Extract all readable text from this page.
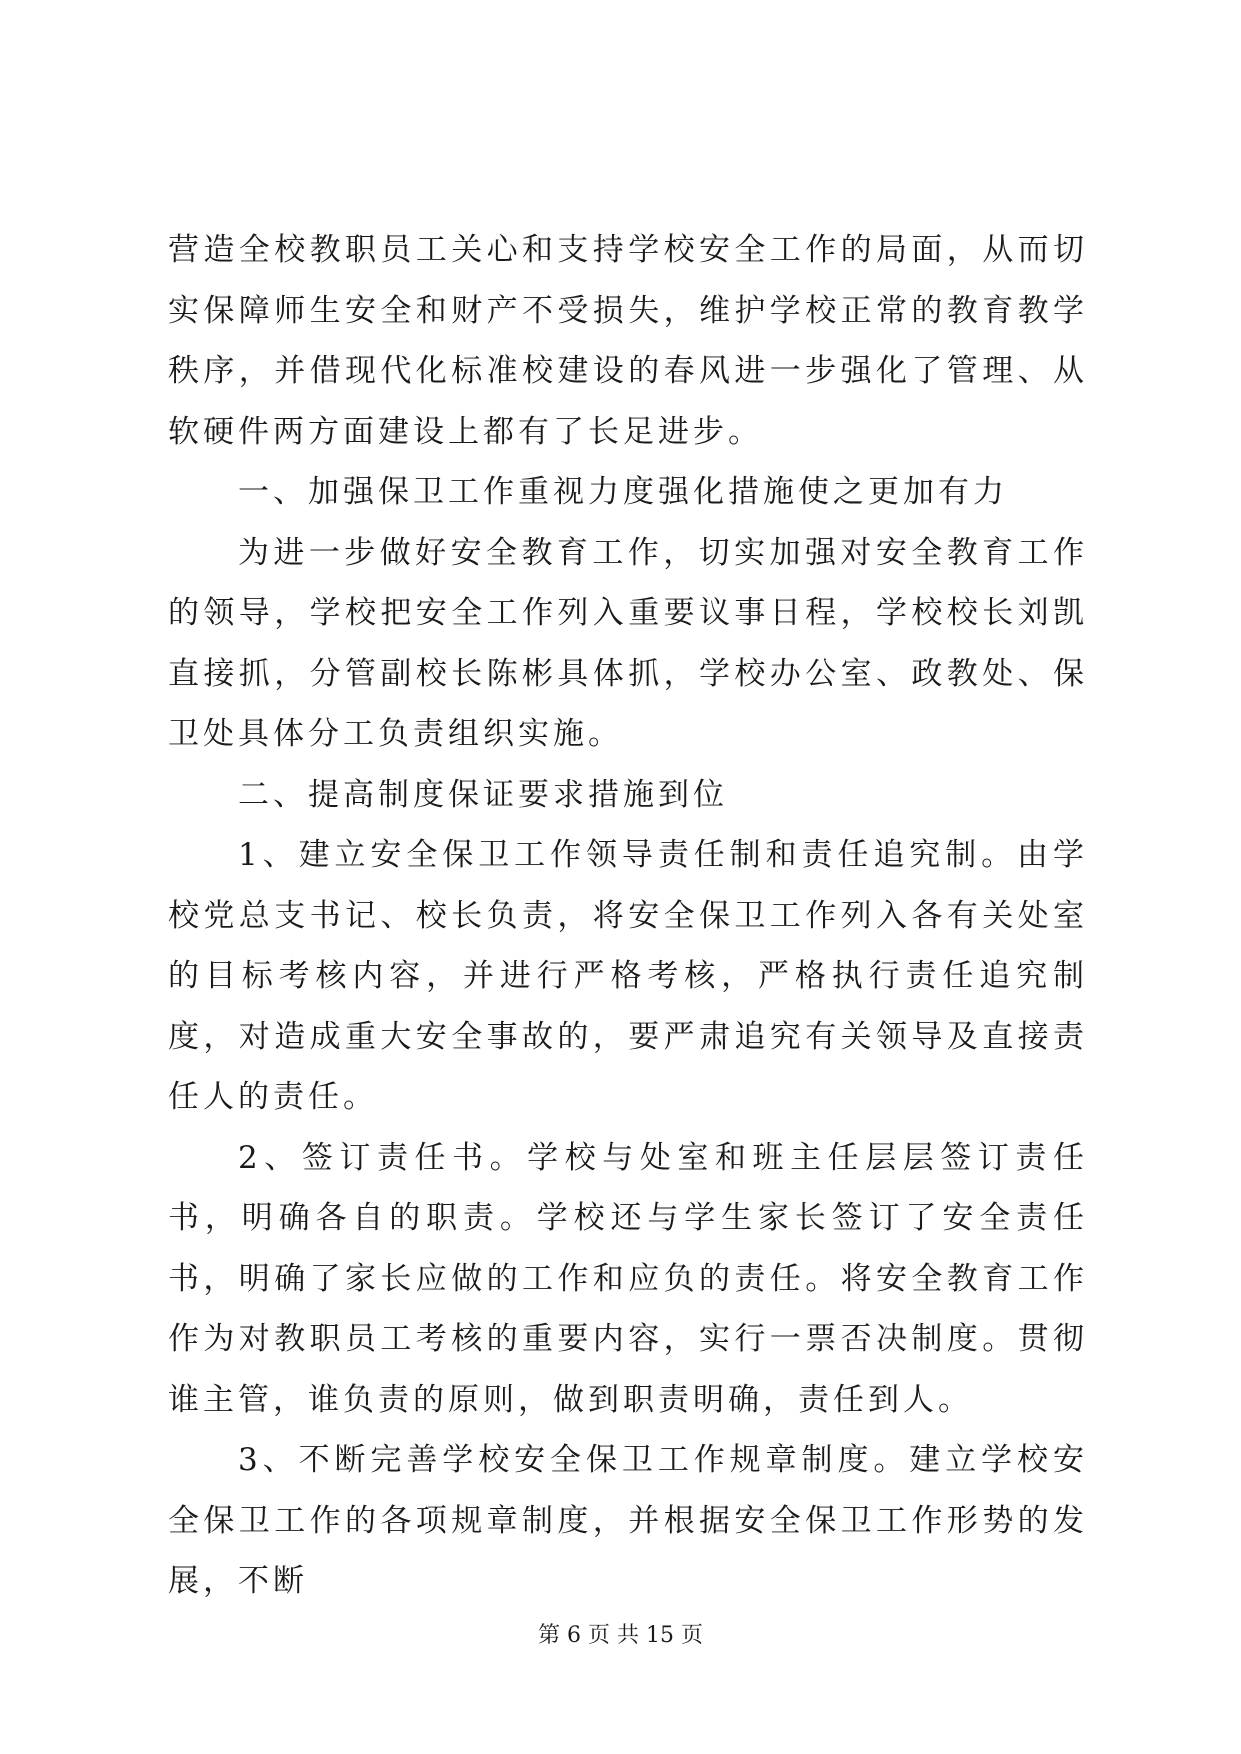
营造全校教职员工关心和支持学校安全工作的局面，从而切实保障师生安全和财产不受损失，维护学校正常的教育教学秩序，并借现代化标准校建设的春风进一步强化了管理、从软硬件两方面建设上都有了长足进步。

一、加强保卫工作重视力度强化措施使之更加有力

为进一步做好安全教育工作，切实加强对安全教育工作的领导，学校把安全工作列入重要议事日程，学校校长刘凯直接抓，分管副校长陈彬具体抓，学校办公室、政教处、保卫处具体分工负责组织实施。

二、提高制度保证要求措施到位

1、建立安全保卫工作领导责任制和责任追究制。由学校党总支书记、校长负责，将安全保卫工作列入各有关处室的目标考核内容，并进行严格考核，严格执行责任追究制度，对造成重大安全事故的，要严肃追究有关领导及直接责任人的责任。

2、签订责任书。学校与处室和班主任层层签订责任书，明确各自的职责。学校还与学生家长签订了安全责任书，明确了家长应做的工作和应负的责任。将安全教育工作作为对教职员工考核的重要内容，实行一票否决制度。贯彻谁主管，谁负责的原则，做到职责明确，责任到人。

3、不断完善学校安全保卫工作规章制度。建立学校安全保卫工作的各项规章制度，并根据安全保卫工作形势的发展，不断

第 6 页 共 15 页
